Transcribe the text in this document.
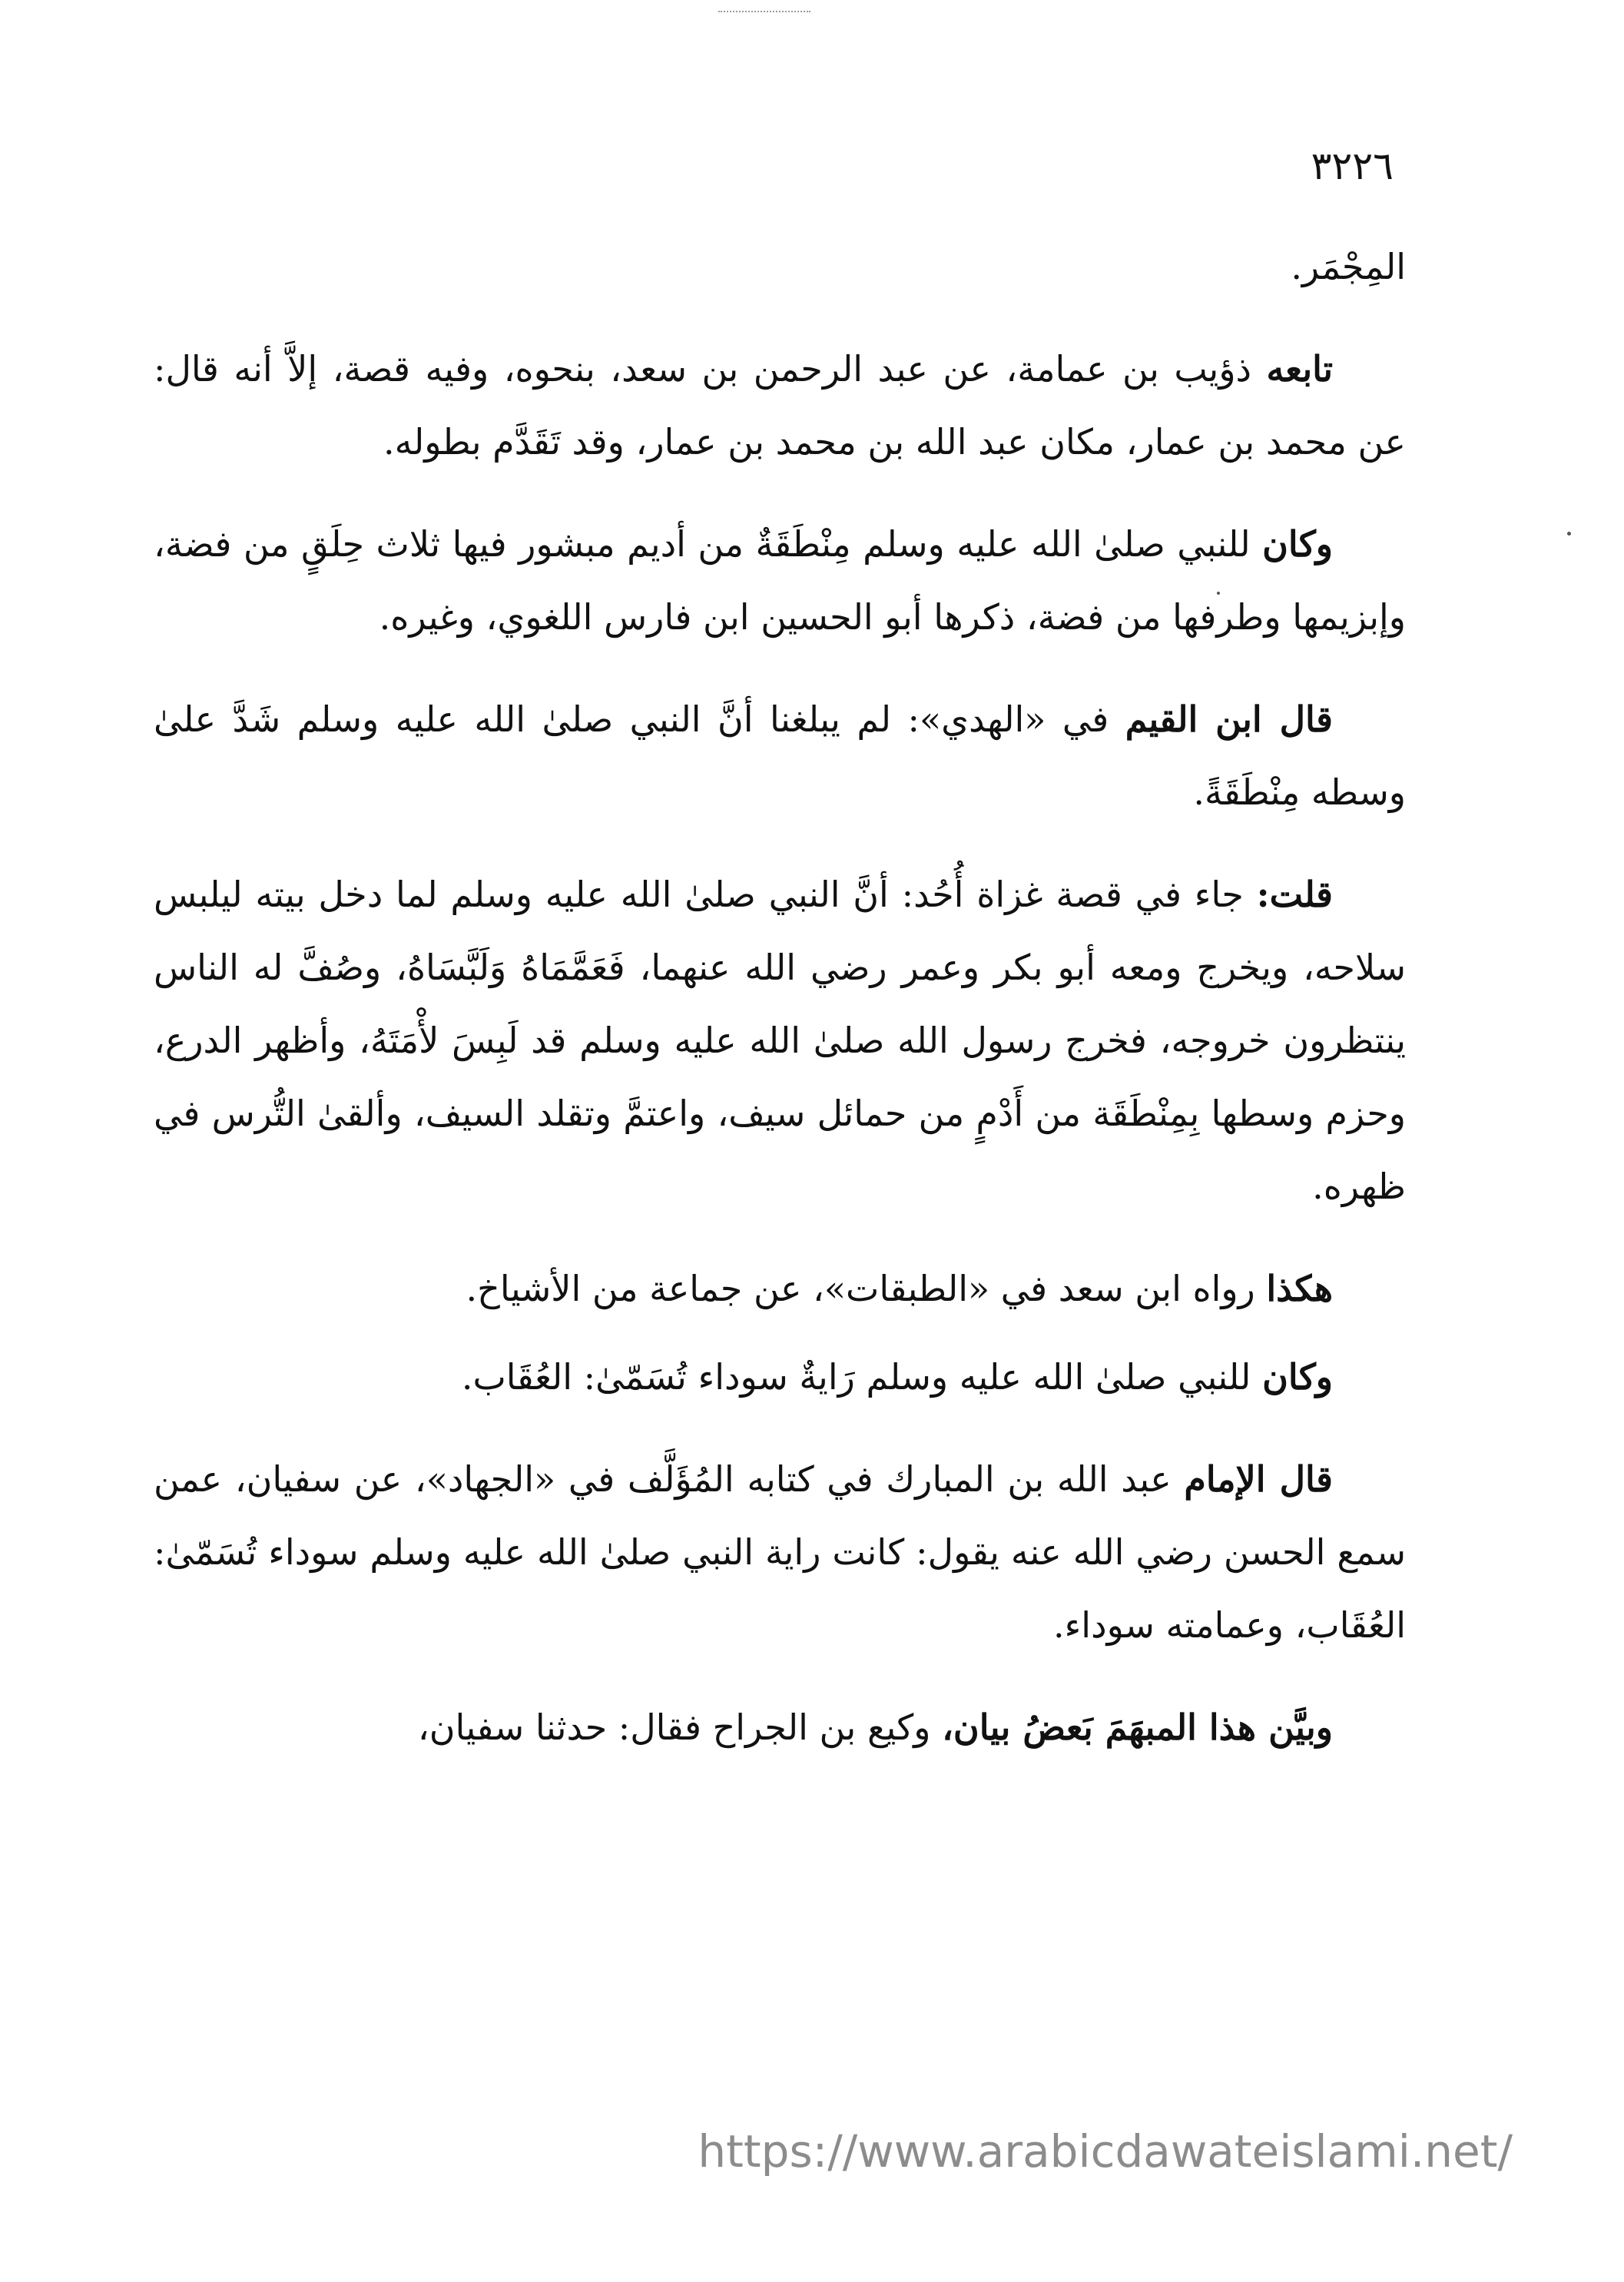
٣٢٢٦

المِجْمَر.

تابعه ذؤيب بن عمامة، عن عبد الرحمن بن سعد، بنحوه، وفيه قصة، إلاَّ أنه قال: عن محمد بن عمار، مكان عبد الله بن محمد بن عمار، وقد تَقَدَّم بطوله.

وكان للنبي صلىٰ الله عليه وسلم مِنْطَقَةٌ من أديم مبشور فيها ثلاث حِلَقٍ من فضة، وإبزيمها وطرفها من فضة، ذكرها أبو الحسين ابن فارس اللغوي، وغيره.

قال ابن القيم في «الهدي»: لم يبلغنا أنَّ النبي صلىٰ الله عليه وسلم شَدَّ علىٰ وسطه مِنْطَقَةً.

قلت: جاء في قصة غزاة أُحُد: أنَّ النبي صلىٰ الله عليه وسلم لما دخل بيته ليلبس سلاحه، ويخرج ومعه أبو بكر وعمر رضي الله عنهما، فَعَمَّمَاهُ وَلَبَّسَاهُ، وصُفَّ له الناس ينتظرون خروجه، فخرج رسول الله صلىٰ الله عليه وسلم قد لَبِسَ لأْمَتَهُ، وأظهر الدرع، وحزم وسطها بِمِنْطَقَة من أَدْمٍ من حمائل سيف، واعتمَّ وتقلد السيف، وألقىٰ التُّرس في ظهره.

هكذا رواه ابن سعد في «الطبقات»، عن جماعة من الأشياخ.

وكان للنبي صلىٰ الله عليه وسلم رَايةٌ سوداء تُسَمّىٰ: العُقَاب.

قال الإمام عبد الله بن المبارك في كتابه المُؤَلَّف في «الجهاد»، عن سفيان، عمن سمع الحسن رضي الله عنه يقول: كانت راية النبي صلىٰ الله عليه وسلم سوداء تُسَمّىٰ: العُقَاب، وعمامته سوداء.

وبيَّن هذا المبهَمَ بَعضُ بيان، وكيع بن الجراح فقال: حدثنا سفيان،

https://www.arabicdawateislami.net/
